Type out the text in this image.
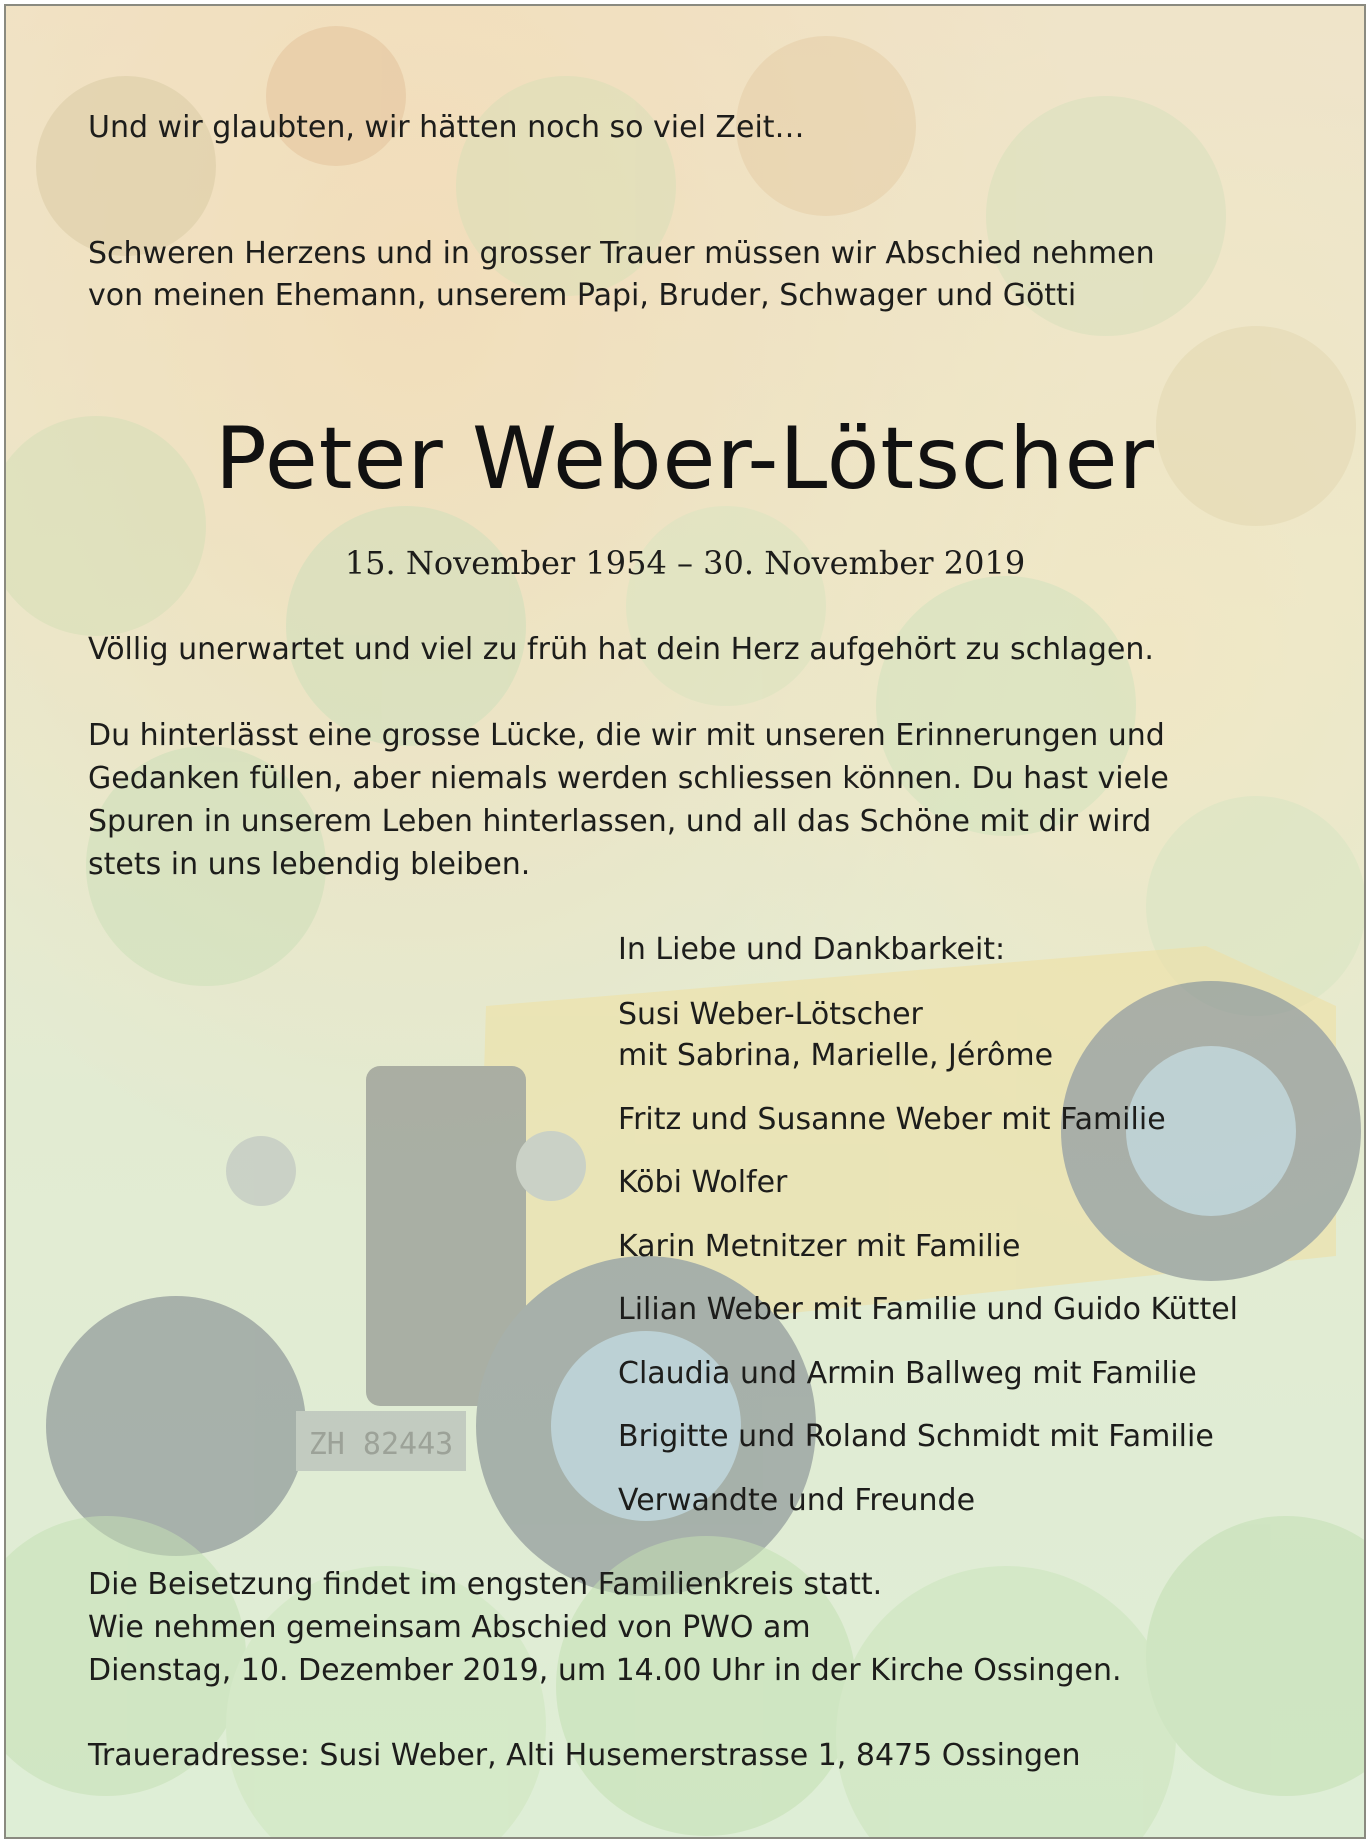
ZH 82443
Und wir glaubten, wir hätten noch so viel Zeit…
Schweren Herzens und in grosser Trauer müssen wir Abschied nehmen
von meinen Ehemann, unserem Papi, Bruder, Schwager und Götti
Peter Weber-Lötscher
15. November 1954 – 30. November 2019
Völlig unerwartet und viel zu früh hat dein Herz aufgehört zu schlagen.
Du hinterlässt eine grosse Lücke, die wir mit unseren Erinnerungen und
Gedanken füllen, aber niemals werden schliessen können. Du hast viele
Spuren in unserem Leben hinterlassen, und all das Schöne mit dir wird
stets in uns lebendig bleiben.
In Liebe und Dankbarkeit:
Susi Weber-Lötscher
mit Sabrina, Marielle, Jérôme
Fritz und Susanne Weber mit Familie
Köbi Wolfer
Karin Metnitzer mit Familie
Lilian Weber mit Familie und Guido Küttel
Claudia und Armin Ballweg mit Familie
Brigitte und Roland Schmidt mit Familie
Verwandte und Freunde
Die Beisetzung findet im engsten Familienkreis statt.
Wie nehmen gemeinsam Abschied von PWO am
Dienstag, 10. Dezember 2019, um 14.00 Uhr in der Kirche Ossingen.
Traueradresse: Susi Weber, Alti Husemerstrasse 1, 8475 Ossingen
